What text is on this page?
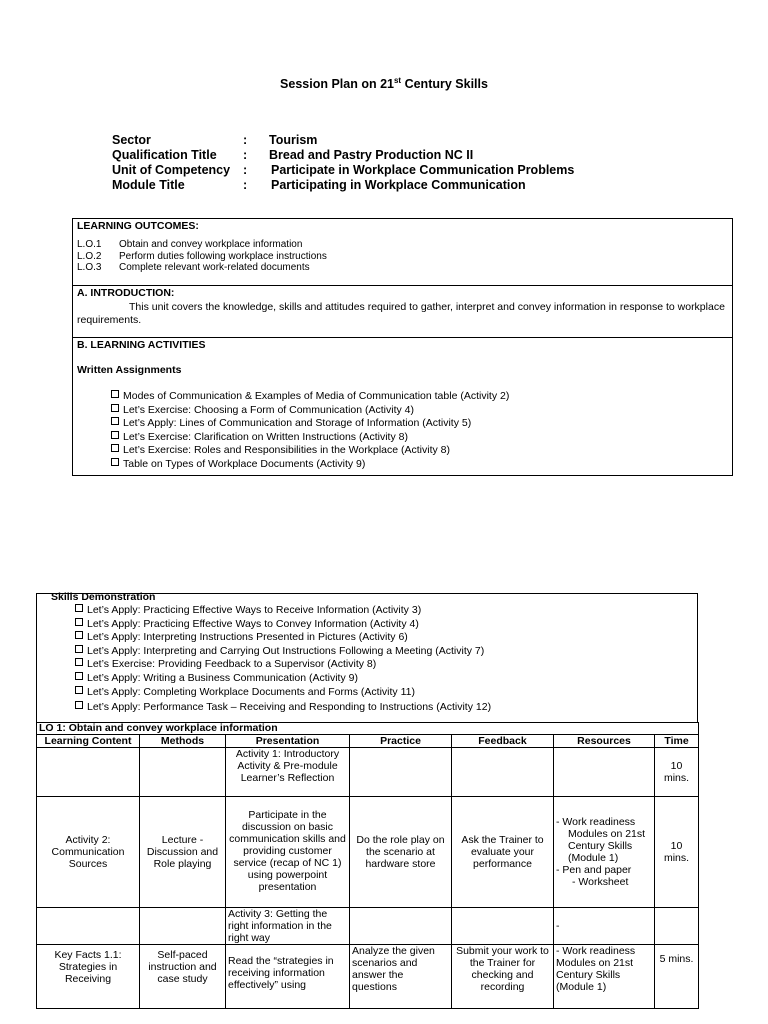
Session Plan on 21st Century Skills
Sector	: Tourism
Qualification Title : Bread and Pastry Production NC II
Unit of Competency : Participate in Workplace Communication Problems
Module Title	: Participating in Workplace Communication
LEARNING OUTCOMES:
L.O.1 Obtain and convey workplace information
L.O.2 Perform duties following workplace instructions
L.O.3 Complete relevant work-related documents
A. INTRODUCTION:
This unit covers the knowledge, skills and attitudes required to gather, interpret and convey information in response to workplace requirements.
B. LEARNING ACTIVITIES
Written Assignments
Modes of Communication & Examples of Media of Communication table (Activity 2)
Let’s Exercise: Choosing a Form of Communication (Activity 4)
Let’s Apply: Lines of Communication and Storage of Information (Activity 5)
Let’s Exercise: Clarification on Written Instructions (Activity 8)
Let’s Exercise: Roles and Responsibilities in the Workplace (Activity 8)
Table on Types of Workplace Documents (Activity 9)
Skills Demonstration
Let’s Apply: Practicing Effective Ways to Receive Information (Activity 3)
Let’s Apply: Practicing Effective Ways to Convey Information (Activity 4)
Let’s Apply: Interpreting Instructions Presented in Pictures (Activity 6)
Let’s Apply: Interpreting and Carrying Out Instructions Following a Meeting (Activity 7)
Let’s Exercise: Providing Feedback to a Supervisor (Activity 8)
Let’s Apply: Writing a Business Communication (Activity 9)
Let’s Apply: Completing Workplace Documents and Forms (Activity 11)
Let’s Apply: Performance Task – Receiving and Responding to Instructions (Activity 12)
LO 1: Obtain and convey workplace information						
Learning Content	Methods	Presentation	Practice	Feedback	Resources	Time
		Activity 1: Introductory Activity & Pre-module Learner’s Reflection				10 mins.
Activity 2: Communication Sources	Lecture - Discussion and Role playing	Participate in the discussion on basic communication skills and providing customer service (recap of NC 1) using powerpoint presentation	Do the role play on the scenario at hardware store	Ask the Trainer to evaluate your performance	- Work readiness Modules on 21st Century Skills (Module 1)
- Pen and paper
- Worksheet	10 mins.
		Activity 3: Getting the right information in the right way			-	
Key Facts 1.1: Strategies in Receiving	Self-paced instruction and case study	Read the “strategies in receiving information effectively” using	Analyze the given scenarios and answer the questions	Submit your work to the Trainer for checking and recording	- Work readiness Modules on 21st Century Skills (Module 1)	5 mins.
